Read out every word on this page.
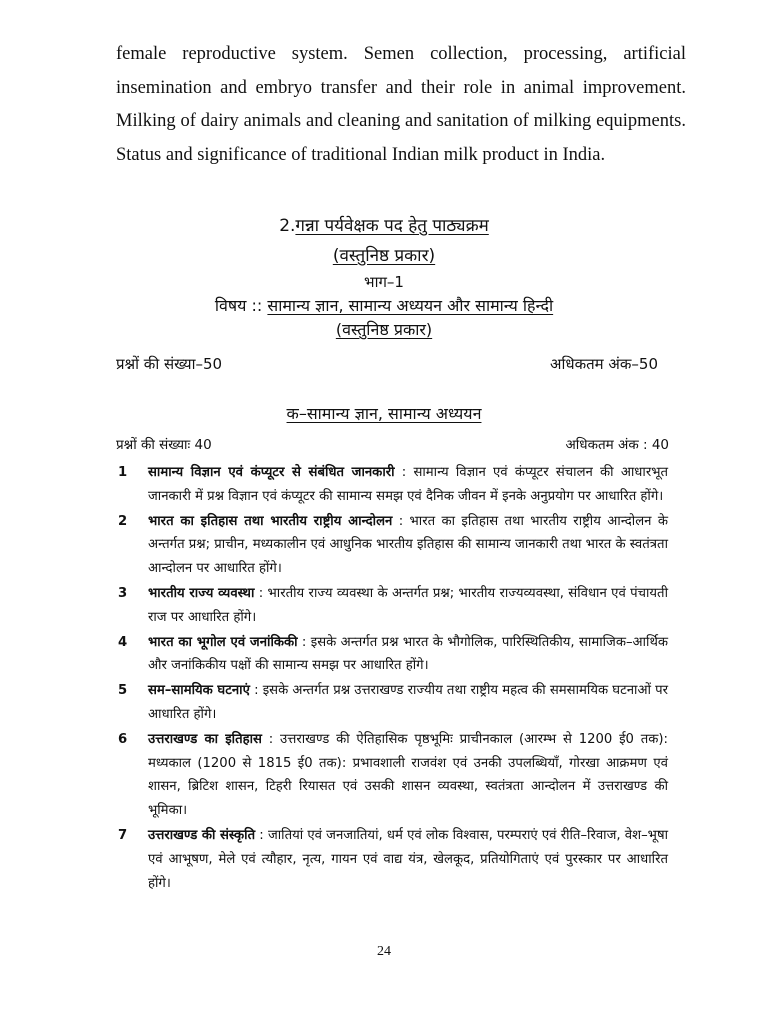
female reproductive system. Semen collection, processing, artificial insemination and embryo transfer and their role in animal improvement. Milking of dairy animals and cleaning and sanitation of milking equipments. Status and significance of traditional Indian milk product in India.
2.गन्ना पर्यवेक्षक पद हेतु पाठ्यक्रम
(वस्तुनिष्ठ प्रकार)
भाग–1
विषय :: सामान्य ज्ञान, सामान्य अध्ययन और सामान्य हिन्दी
(वस्तुनिष्ठ प्रकार)
प्रश्नों की संख्या–50	अधिकतम अंक–50
क–सामान्य ज्ञान, सामान्य अध्ययन
प्रश्नों की संख्याः 40	अधिकतम अंक : 40
1	सामान्य विज्ञान एवं कंप्यूटर से संबंधित जानकारी : सामान्य विज्ञान एवं कंप्यूटर संचालन की आधारभूत जानकारी में प्रश्न विज्ञान एवं कंप्यूटर की सामान्य समझ एवं दैनिक जीवन में इनके अनुप्रयोग पर आधारित होंगे।
2	भारत का इतिहास तथा भारतीय राष्ट्रीय आन्दोलन : भारत का इतिहास तथा भारतीय राष्ट्रीय आन्दोलन के अन्तर्गत प्रश्न; प्राचीन, मध्यकालीन एवं आधुनिक भारतीय इतिहास की सामान्य जानकारी तथा भारत के स्वतंत्रता आन्दोलन पर आधारित होंगे।
3	भारतीय राज्य व्यवस्था : भारतीय राज्य व्यवस्था के अन्तर्गत प्रश्न; भारतीय राज्यव्यवस्था, संविधान एवं पंचायती राज पर आधारित होंगे।
4	भारत का भूगोल एवं जनांकिकी : इसके अन्तर्गत प्रश्न भारत के भौगोलिक, पारिस्थितिकीय, सामाजिक–आर्थिक और जनांकिकीय पक्षों की सामान्य समझ पर आधारित होंगे।
5	सम–सामयिक घटनाएं : इसके अन्तर्गत प्रश्न उत्तराखण्ड राज्यीय तथा राष्ट्रीय महत्व की समसामयिक घटनाओं पर आधारित होंगे।
6	उत्तराखण्ड का इतिहास : उत्तराखण्ड की ऐतिहासिक पृष्ठभूमिः प्राचीनकाल (आरम्भ से 1200 ई0 तक): मध्यकाल (1200 से 1815 ई0 तक): प्रभावशाली राजवंश एवं उनकी उपलब्धियाँ, गोरखा आक्रमण एवं शासन, ब्रिटिश शासन, टिहरी रियासत एवं उसकी शासन व्यवस्था, स्वतंत्रता आन्दोलन में उत्तराखण्ड की भूमिका।
7	उत्तराखण्ड की संस्कृति : जातियां एवं जनजातियां, धर्म एवं लोक विश्वास, परम्पराएं एवं रीति–रिवाज, वेश–भूषा एवं आभूषण, मेले एवं त्यौहार, नृत्य, गायन एवं वाद्य यंत्र, खेलकूद, प्रतियोगिताएं एवं पुरस्कार पर आधारित होंगे।
24
